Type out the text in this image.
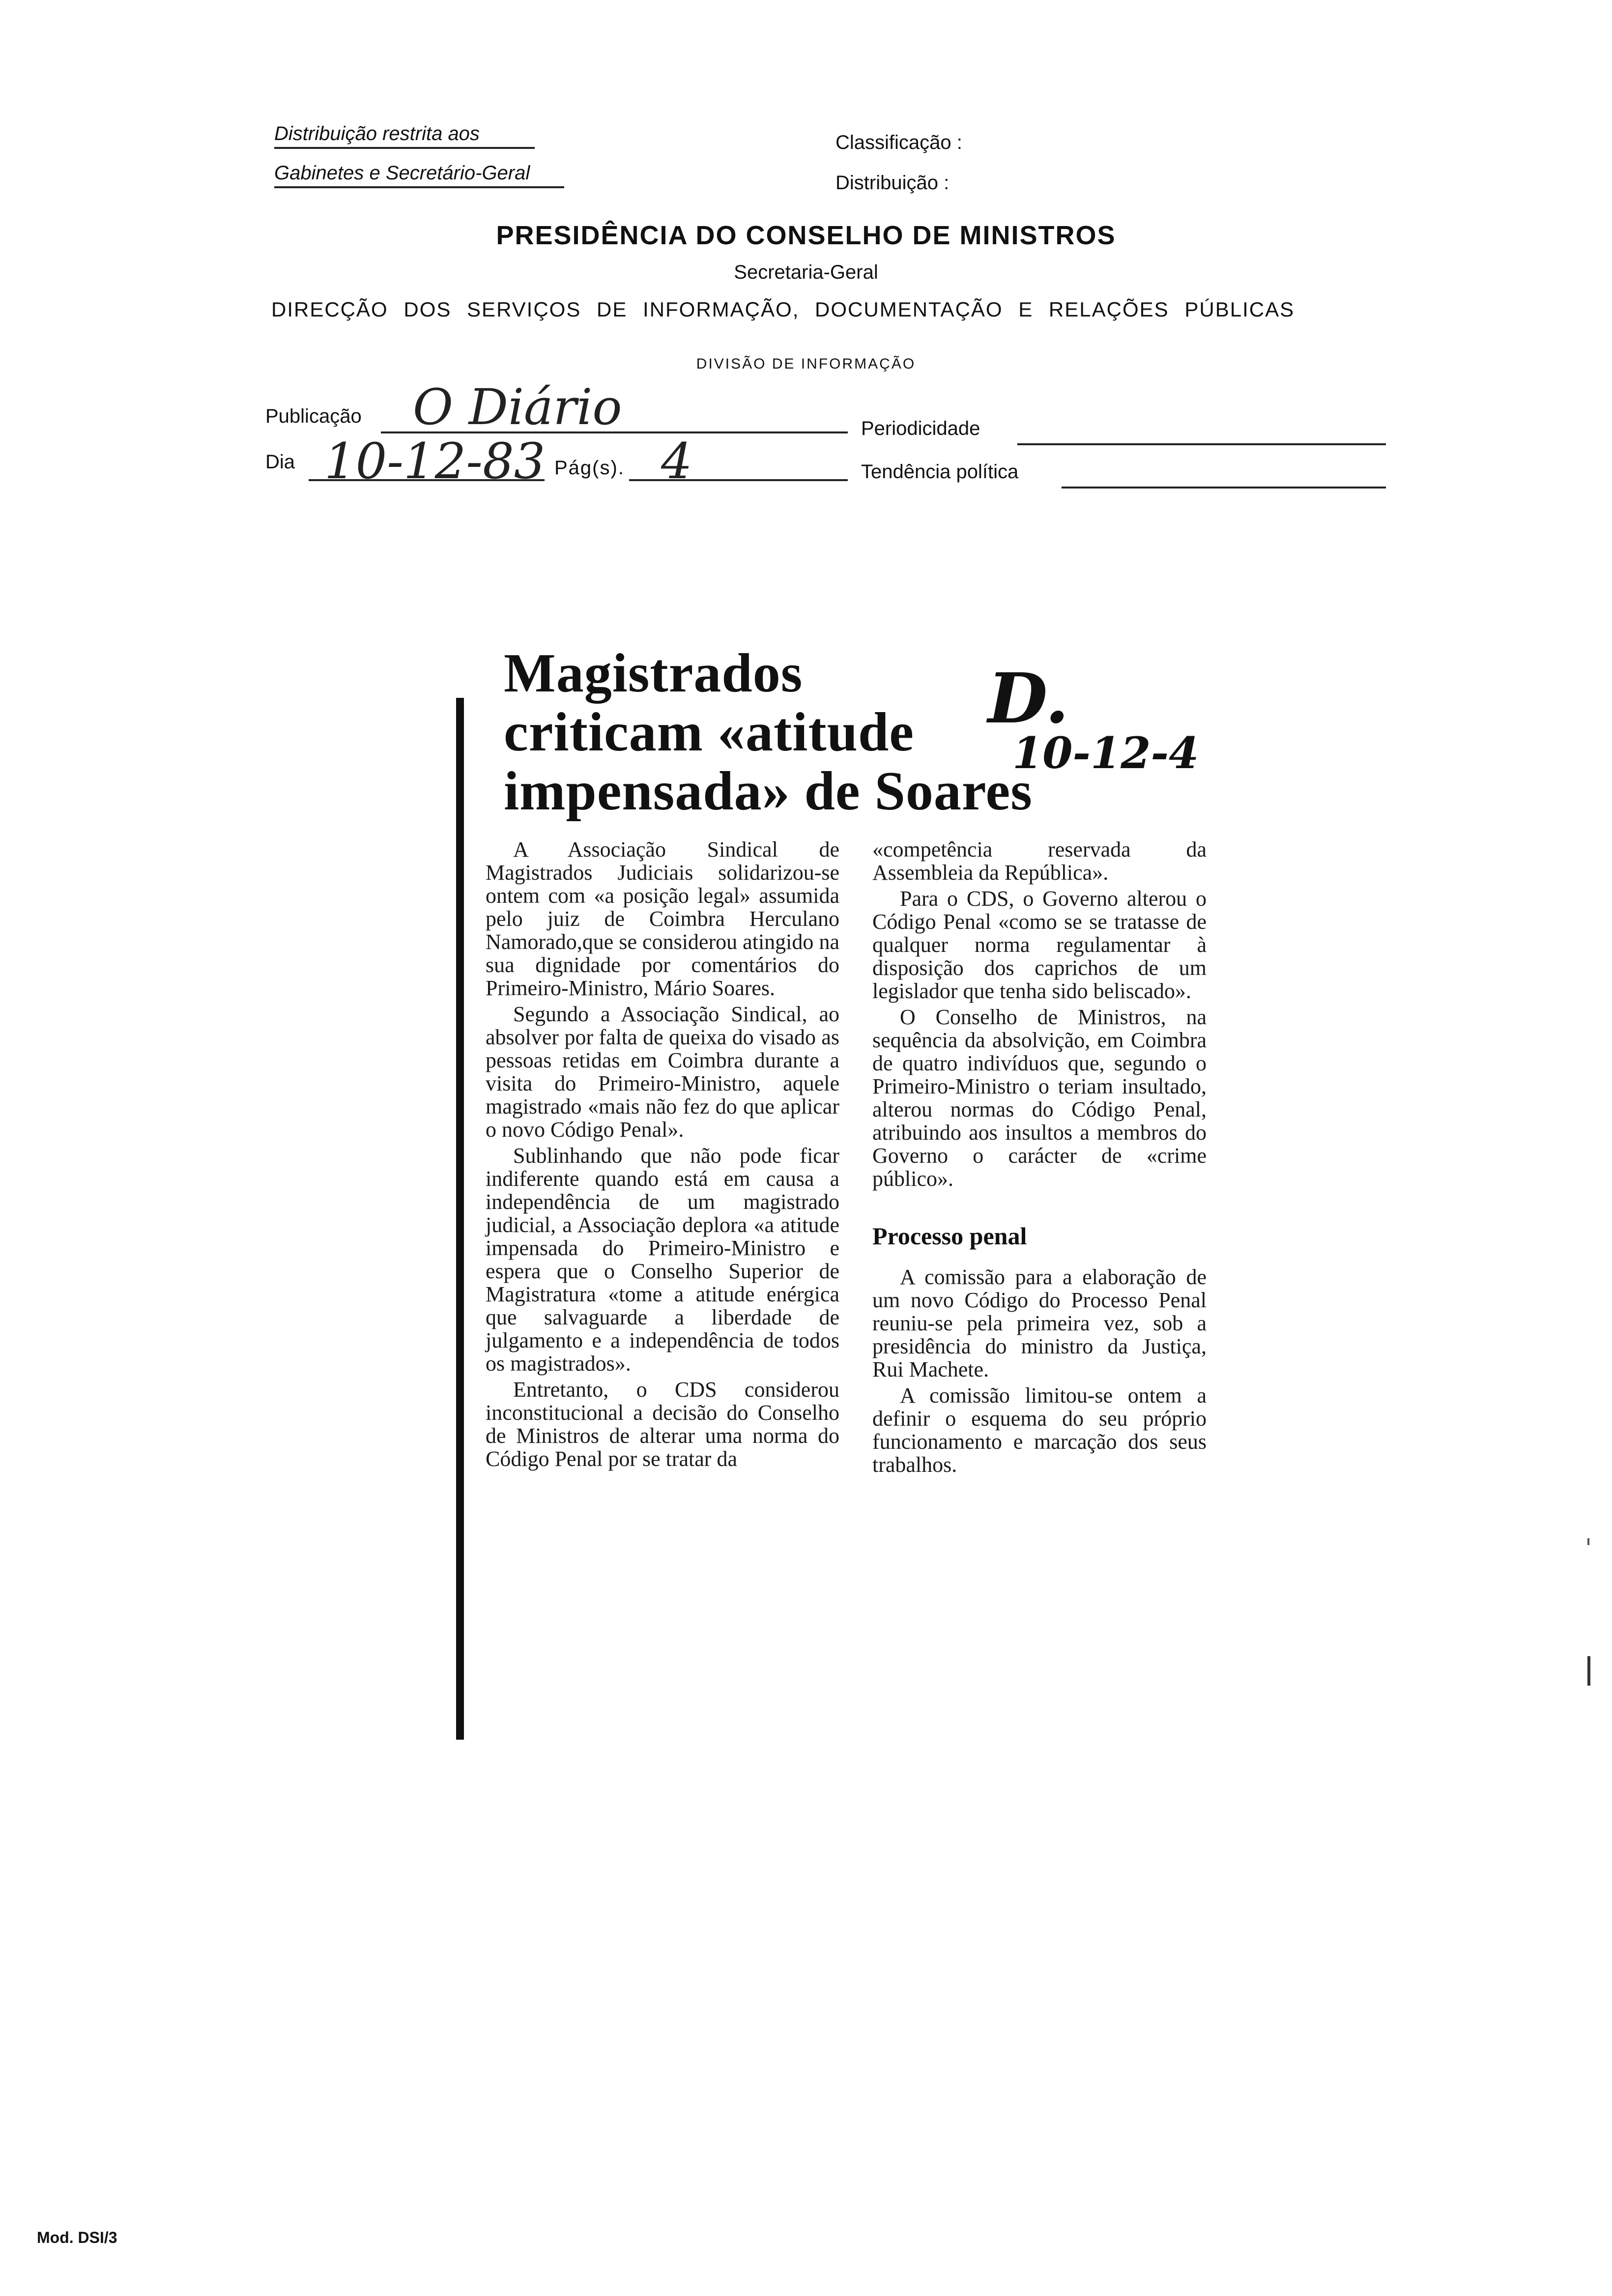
Distribuição restrita aos
Gabinetes e Secretário-Geral
Classificação :
Distribuição :
PRESIDÊNCIA DO CONSELHO DE MINISTROS
Secretaria-Geral
DIRECÇÃO DOS SERVIÇOS DE INFORMAÇÃO, DOCUMENTAÇÃO E RELAÇÕES PÚBLICAS
DIVISÃO DE INFORMAÇÃO
Publicação O Diário	Periodicidade
Dia 10-12-83 Pág(s). 4	Tendência política
Magistrados
criticam «atitude
impensada» de Soares
D.
10-12-4

A Associação Sindical de Magistrados Judiciais solidarizou-se ontem com «a posição legal» assumida pelo juiz de Coimbra Herculano Namorado,que se considerou atingido na sua dignidade por comentários do Primeiro-Ministro, Mário Soares.

Segundo a Associação Sindical, ao absolver por falta de queixa do visado as pessoas retidas em Coimbra durante a visita do Primeiro-Ministro, aquele magistrado «mais não fez do que aplicar o novo Código Penal».

Sublinhando que não pode ficar indiferente quando está em causa a independência de um magistrado judicial, a Associação deplora «a atitude impensada do Primeiro-Ministro e espera que o Conselho Superior de Magistratura «tome a atitude enérgica que salvaguarde a liberdade de julgamento e a independência de todos os magistrados».

Entretanto, o CDS considerou inconstitucional a decisão do Conselho de Ministros de alterar uma norma do Código Penal por se tratar da

«competência reservada da Assembleia da República».

Para o CDS, o Governo alterou o Código Penal «como se se tratasse de qualquer norma regulamentar à disposição dos caprichos de um legislador que tenha sido beliscado».

O Conselho de Ministros, na sequência da absolvição, em Coimbra de quatro indivíduos que, segundo o Primeiro-Ministro o teriam insultado, alterou normas do Código Penal, atribuindo aos insultos a membros do Governo o carácter de «crime público».

Processo penal

A comissão para a elaboração de um novo Código do Processo Penal reuniu-se pela primeira vez, sob a presidência do ministro da Justiça, Rui Machete.

A comissão limitou-se ontem a definir o esquema do seu próprio funcionamento e marcação dos seus trabalhos.

Mod. DSI/3
